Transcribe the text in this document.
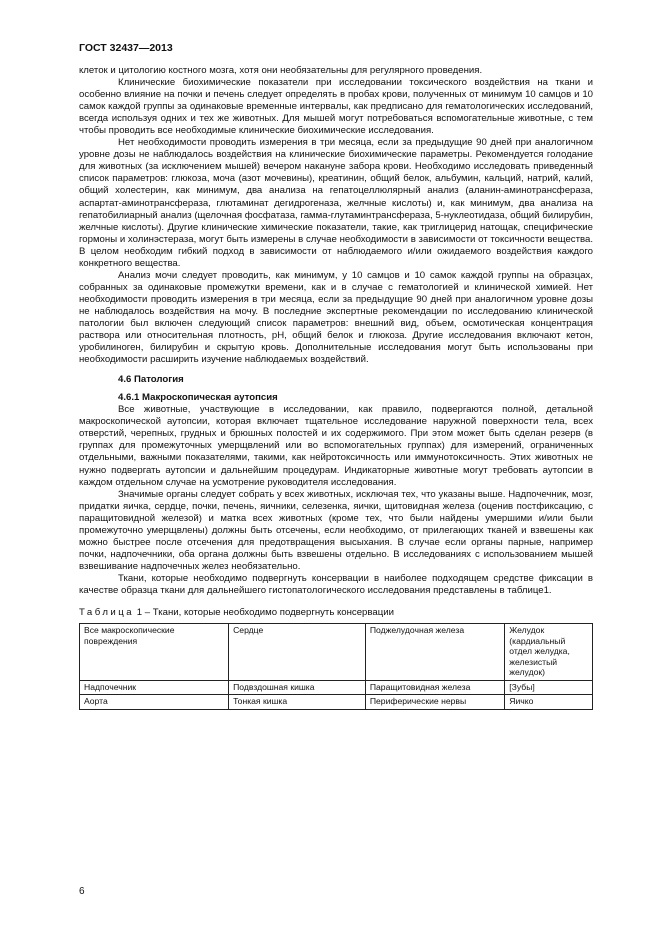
ГОСТ 32437—2013

клеток и цитологию костного мозга, хотя они необязательны для регулярного проведения.

Клинические биохимические показатели при исследовании токсического воздействия на ткани и особенно влияние на почки и печень следует определять в пробах крови, полученных от минимум 10 самцов и 10 самок каждой группы за одинаковые временные интервалы, как предписано для гематологических исследований, всегда используя одних и тех же животных. Для мышей могут потребоваться вспомогательные животные, с тем чтобы проводить все необходимые клинические биохимические исследования.

Нет необходимости проводить измерения в три месяца, если за предыдущие 90 дней при аналогичном уровне дозы не наблюдалось воздействия на клинические биохимические параметры. Рекомендуется голодание для животных (за исключением мышей) вечером накануне забора крови. Необходимо исследовать приведенный список параметров: глюкоза, моча (азот мочевины), креатинин, общий белок, альбумин, кальций, натрий, калий, общий холестерин, как минимум, два анализа на гепатоцеллюлярный анализ (аланин-аминотрансфераза, аспартат-аминотрансфераза, глютаминат дегидрогеназа, желчные кислоты) и, как минимум, два анализа на гепатобилиарный анализ (щелочная фосфатаза, гамма-глутаминтрансфераза, 5-нуклеотидаза, общий билирубин, желчные кислоты). Другие клинические химические показатели, такие, как триглицерид натощак, специфические гормоны и холинэстераза, могут быть измерены в случае необходимости в зависимости от токсичности вещества. В целом необходим гибкий подход в зависимости от наблюдаемого и/или ожидаемого воздействия каждого конкретного вещества.

Анализ мочи следует проводить, как минимум, у 10 самцов и 10 самок каждой группы на образцах, собранных за одинаковые промежутки времени, как и в случае с гематологией и клинической химией. Нет необходимости проводить измерения в три месяца, если за предыдущие 90 дней при аналогичном уровне дозы не наблюдалось воздействия на мочу. В последние экспертные рекомендации по исследованию клинической патологии был включен следующий список параметров: внешний вид, объем, осмотическая концентрация раствора или относительная плотность, pH, общий белок и глюкоза. Другие исследования включают кетон, уробилиноген, билирубин и скрытую кровь. Дополнительные исследования могут быть использованы при необходимости расширить изучение наблюдаемых воздействий.

4.6 Патология
4.6.1 Макроскопическая аутопсия

Все животные, участвующие в исследовании, как правило, подвергаются полной, детальной макроскопической аутопсии, которая включает тщательное исследование наружной поверхности тела, всех отверстий, черепных, грудных и брюшных полостей и их содержимого. При этом может быть сделан резерв (в группах для промежуточных умерщвлений или во вспомогательных группах) для измерений, ограниченных отдельными, важными показателями, такими, как нейротоксичность или иммунотоксичность. Этих животных не нужно подвергать аутопсии и дальнейшим процедурам. Индикаторные животные могут требовать аутопсии в каждом отдельном случае на усмотрение руководителя исследования.

Значимые органы следует собрать у всех животных, исключая тех, что указаны выше. Надпочечник, мозг, придатки яичка, сердце, почки, печень, яичники, селезенка, яички, щитовидная железа (оценив постфиксацию, с паращитовидной железой) и матка всех животных (кроме тех, что были найдены умершими и/или были промежуточно умерщвлены) должны быть отсечены, если необходимо, от прилегающих тканей и взвешены как можно быстрее после отсечения для предотвращения высыхания. В случае если органы парные, например почки, надпочечники, оба органа должны быть взвешены отдельно. В исследованиях с использованием мышей взвешивание надпочечных желез необязательно.

Ткани, которые необходимо подвергнуть консервации в наиболее подходящем средстве фиксации в качестве образца ткани для дальнейшего гистопатологического исследования представлены в таблице1.

Таблица 1 – Ткани, которые необходимо подвергнуть консервации
Все макроскопические повреждения	Сердце	Поджелудочная железа	Желудок (кардиальный отдел желудка, железистый желудок)
Надпочечник	Подвздошная кишка	Паращитовидная железа	[Зубы]
Аорта	Тонкая кишка	Периферические нервы	Яичко
6
